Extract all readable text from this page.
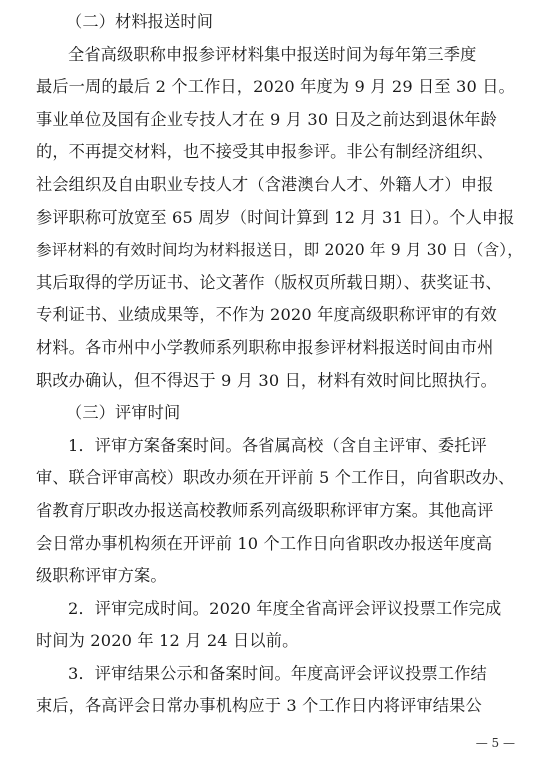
（二）材料报送时间
全省高级职称申报参评材料集中报送时间为每年第三季度
最后一周的最后 2 个工作日，2020 年度为 9 月 29 日至 30 日。
事业单位及国有企业专技人才在 9 月 30 日及之前达到退休年龄
的，不再提交材料，也不接受其申报参评。非公有制经济组织、
社会组织及自由职业专技人才（含港澳台人才、外籍人才）申报
参评职称可放宽至 65 周岁（时间计算到 12 月 31 日）。个人申报
参评材料的有效时间均为材料报送日，即 2020 年 9 月 30 日（含），
其后取得的学历证书、论文著作（版权页所载日期）、获奖证书、
专利证书、业绩成果等，不作为 2020 年度高级职称评审的有效
材料。各市州中小学教师系列职称申报参评材料报送时间由市州
职改办确认，但不得迟于 9 月 30 日，材料有效时间比照执行。
（三）评审时间
1．评审方案备案时间。各省属高校（含自主评审、委托评
审、联合评审高校）职改办须在开评前 5 个工作日，向省职改办、
省教育厅职改办报送高校教师系列高级职称评审方案。其他高评
会日常办事机构须在开评前 10 个工作日向省职改办报送年度高
级职称评审方案。
2．评审完成时间。2020 年度全省高评会评议投票工作完成
时间为 2020 年 12 月 24 日以前。
3．评审结果公示和备案时间。年度高评会评议投票工作结
束后，各高评会日常办事机构应于 3 个工作日内将评审结果公
— 5 —
